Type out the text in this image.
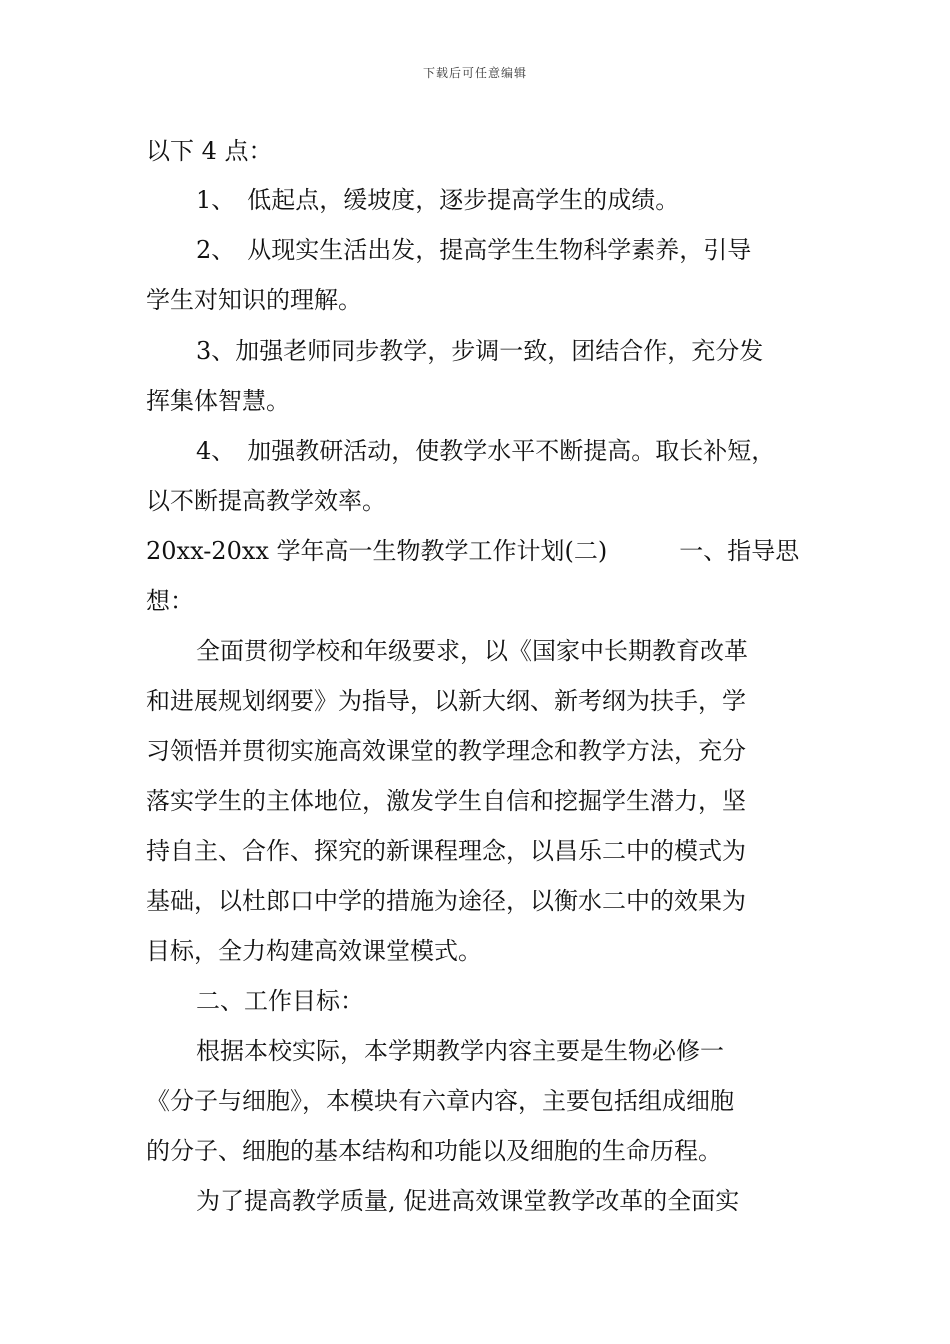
下载后可任意编辑
以下 4 点：
1、　低起点，缓坡度，逐步提高学生的成绩。
2、　从现实生活出发，提高学生生物科学素养，引导
学生对知识的理解。
3、加强老师同步教学，步调一致，团结合作，充分发
挥集体智慧。
4、　加强教研活动，使教学水平不断提高。取长补短，
以不断提高教学效率。
20xx-20xx 学年高一生物教学工作计划(二)　　　一、指导思
想：
全面贯彻学校和年级要求，以《国家中长期教育改革
和进展规划纲要》为指导，以新大纲、新考纲为扶手，学
习领悟并贯彻实施高效课堂的教学理念和教学方法，充分
落实学生的主体地位，激发学生自信和挖掘学生潜力，坚
持自主、合作、探究的新课程理念，以昌乐二中的模式为
基础，以杜郎口中学的措施为途径，以衡水二中的效果为
目标，全力构建高效课堂模式。
二、工作目标：
根据本校实际，本学期教学内容主要是生物必修一
《分子与细胞》，本模块有六章内容，主要包括组成细胞
的分子、细胞的基本结构和功能以及细胞的生命历程。
为了提高教学质量, 促进高效课堂教学改革的全面实
